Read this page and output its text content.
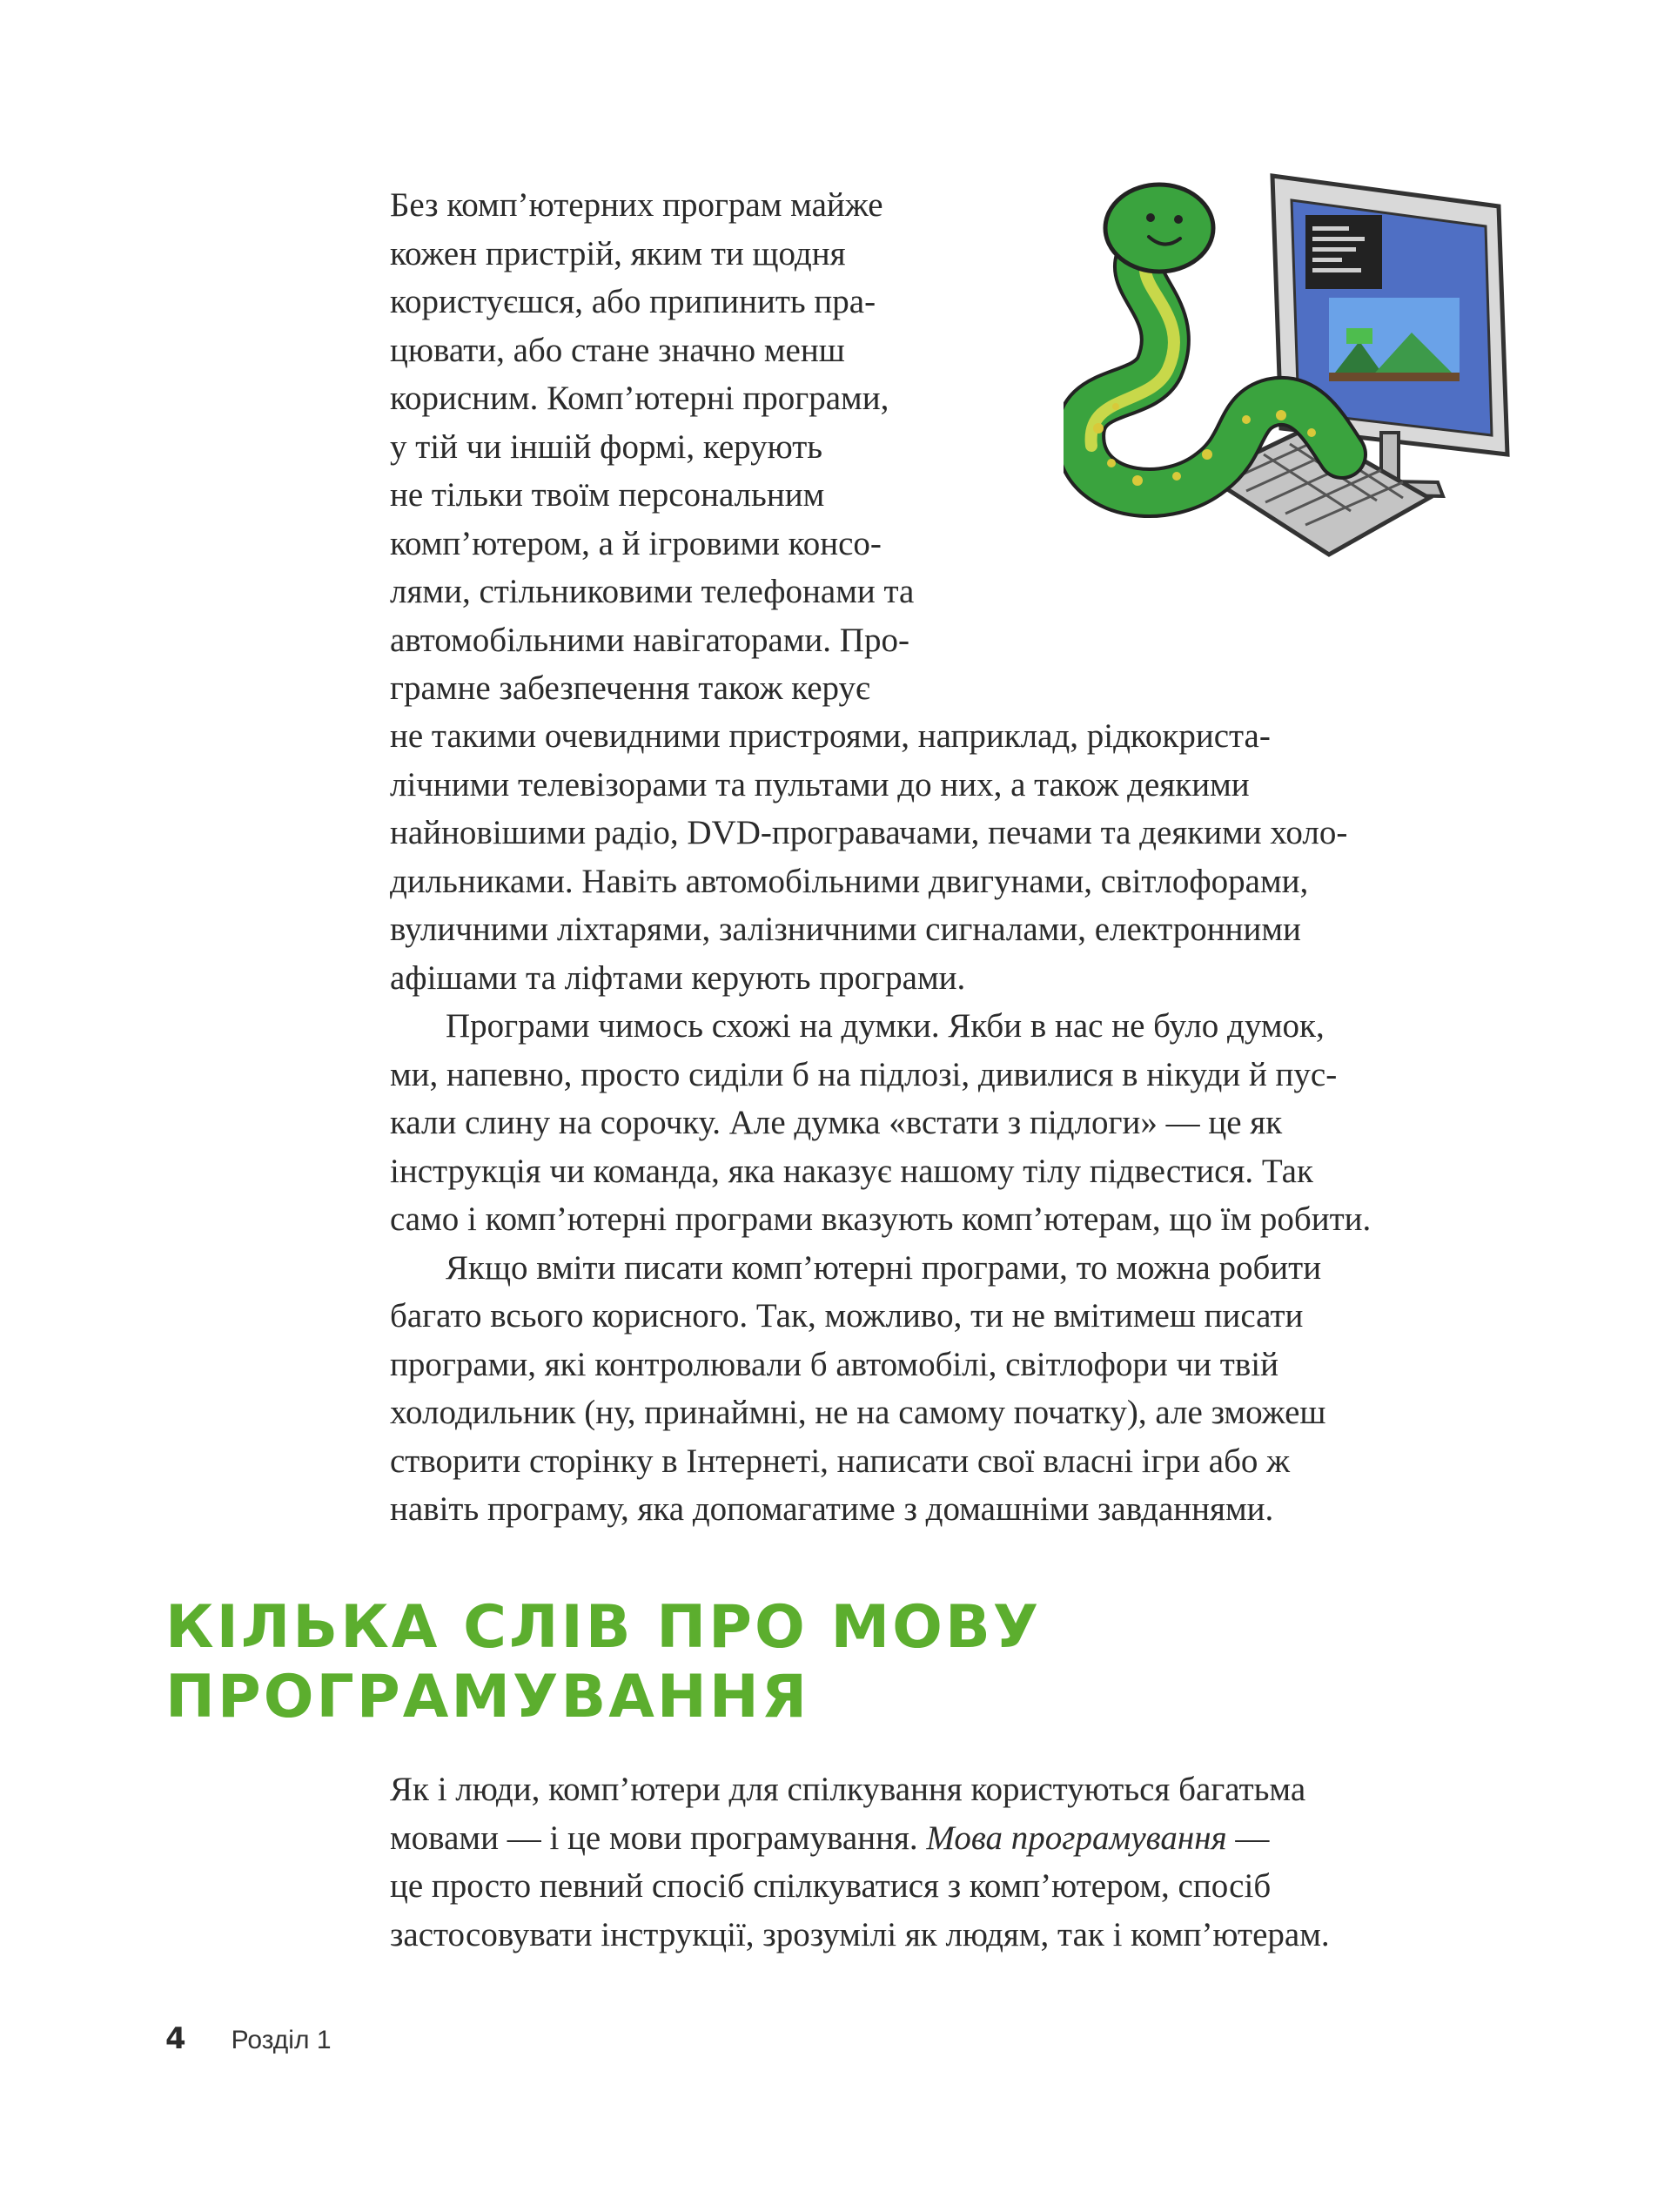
Без комп’ютерних програм майже
кожен пристрій, яким ти щодня
користуєшся, або припинить пра-
цювати, або стане значно менш
корисним. Комп’ютерні програми,
у тій чи іншій формі, керують
не тільки твоїм персональним
комп’ютером, а й ігровими консо-
лями, стільниковими телефонами та
автомобільними навігаторами. Про-
грамне забезпечення також керує
не такими очевидними пристроями, наприклад, рідкокриста-
лічними телевізорами та пультами до них, а також деякими
найновішими радіо, DVD-програвачами, печами та деякими холо-
дильниками. Навіть автомобільними двигунами, світлофорами,
вуличними ліхтарями, залізничними сигналами, електронними
афішами та ліфтами керують програми.
Програми чимось схожі на думки. Якби в нас не було думок,
ми, напевно, просто сиділи б на підлозі, дивилися в нікуди й пус-
кали слину на сорочку. Але думка «встати з підлоги» — це як
інструкція чи команда, яка наказує нашому тілу підвестися. Так
само і комп’ютерні програми вказують комп’ютерам, що їм робити.
Якщо вміти писати комп’ютерні програми, то можна робити
багато всього корисного. Так, можливо, ти не вмітимеш писати
програми, які контролювали б автомобілі, світлофори чи твій
холодильник (ну, принаймні, не на самому початку), але зможеш
створити сторінку в Інтернеті, написати свої власні ігри або ж
навіть програму, яка допомагатиме з домашніми завданнями.
КІЛЬКА СЛІВ ПРО МОВУ
ПРОГРАМУВАННЯ
Як і люди, комп’ютери для спілкування користуються багатьма
мовами — і це мови програмування. Мова програмування —
це просто певний спосіб спілкуватися з комп’ютером, спосіб
застосовувати інструкції, зрозумілі як людям, так і комп’ютерам.
4 Розділ 1
